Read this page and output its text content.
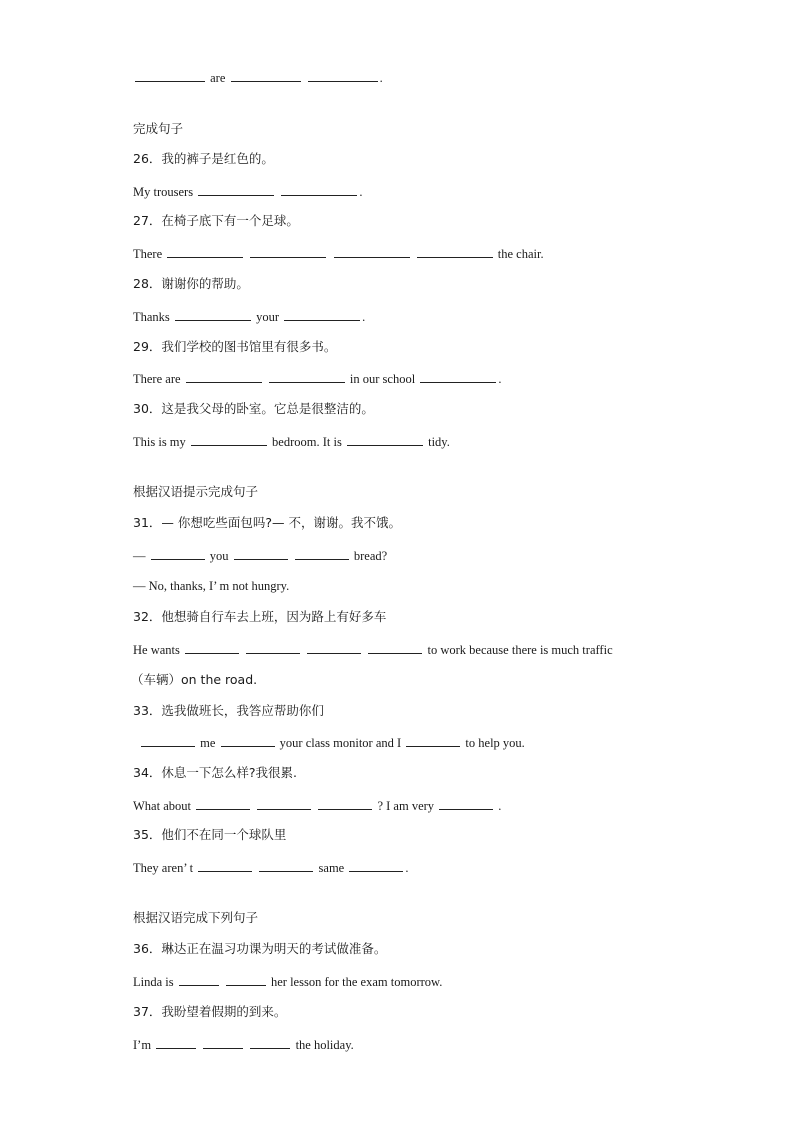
are	.
完成句子
26．我的裤子是红色的。
My trousers	.
27．在椅子底下有一个足球。
There	the chair.
28．谢谢你的帮助。
Thanks	your	.
29．我们学校的图书馆里有很多书。
There are	in our school	.
30．这是我父母的卧室。它总是很整洁的。
This is my	bedroom. It is	tidy.
根据汉语提示完成句子
31．— 你想吃些面包吗?— 不，谢谢。我不饿。
—	you	bread?
— No, thanks, I’ m not hungry.
32．他想骑自行车去上班，因为路上有好多车
He wants	to work because there is much traffic
（车辆）on the road.
33．选我做班长，我答应帮助你们
me	your class monitor and I	to help you.
34．休息一下怎么样?我很累.
What about	? I am very	.
35．他们不在同一个球队里
They aren’ t	same	.
根据汉语完成下列句子
36．琳达正在温习功课为明天的考试做准备。
Linda is	her lesson for the exam tomorrow.
37．我盼望着假期的到来。
I’m	the holiday.
